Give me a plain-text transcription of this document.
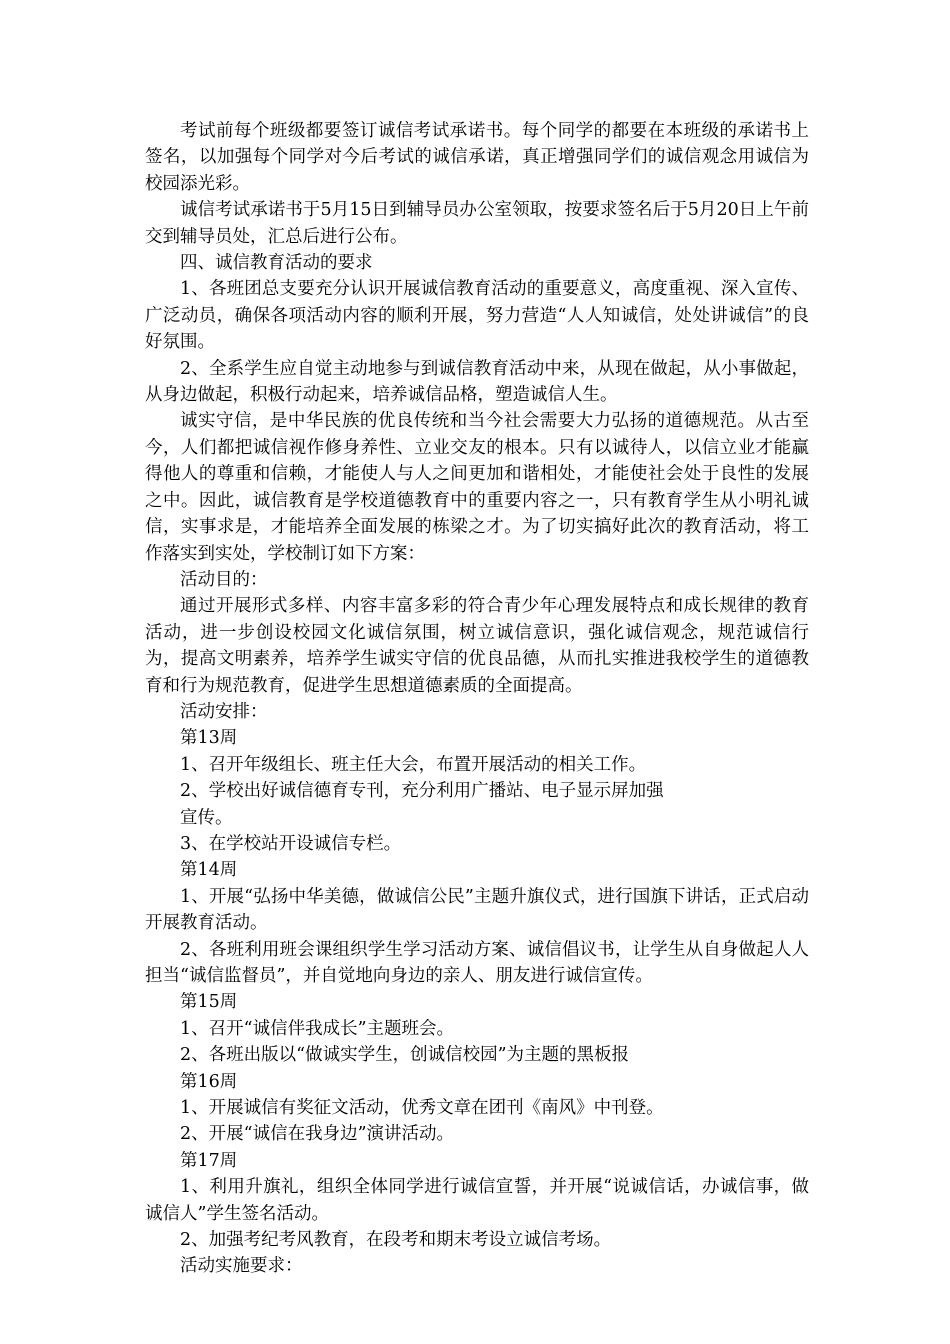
考试前每个班级都要签订诚信考试承诺书。每个同学的都要在本班级的承诺书上签名，以加强每个同学对今后考试的诚信承诺，真正增强同学们的诚信观念用诚信为校园添光彩。

诚信考试承诺书于5月15日到辅导员办公室领取，按要求签名后于5月20日上午前交到辅导员处，汇总后进行公布。

四、诚信教育活动的要求

1、各班团总支要充分认识开展诚信教育活动的重要意义，高度重视、深入宣传、广泛动员，确保各项活动内容的顺利开展，努力营造“人人知诚信，处处讲诚信”的良好氛围。

2、全系学生应自觉主动地参与到诚信教育活动中来，从现在做起，从小事做起，从身边做起，积极行动起来，培养诚信品格，塑造诚信人生。

诚实守信，是中华民族的优良传统和当今社会需要大力弘扬的道德规范。从古至今，人们都把诚信视作修身养性、立业交友的根本。只有以诚待人，以信立业才能赢得他人的尊重和信赖，才能使人与人之间更加和谐相处，才能使社会处于良性的发展之中。因此，诚信教育是学校道德教育中的重要内容之一，只有教育学生从小明礼诚信，实事求是，才能培养全面发展的栋梁之才。为了切实搞好此次的教育活动，将工作落实到实处，学校制订如下方案：

活动目的：

通过开展形式多样、内容丰富多彩的符合青少年心理发展特点和成长规律的教育活动，进一步创设校园文化诚信氛围，树立诚信意识，强化诚信观念，规范诚信行为，提高文明素养，培养学生诚实守信的优良品德，从而扎实推进我校学生的道德教育和行为规范教育，促进学生思想道德素质的全面提高。

活动安排：

第13周

1、召开年级组长、班主任大会，布置开展活动的相关工作。

2、学校出好诚信德育专刊，充分利用广播站、电子显示屏加强

宣传。

3、在学校站开设诚信专栏。

第14周

1、开展“弘扬中华美德，做诚信公民”主题升旗仪式，进行国旗下讲话，正式启动开展教育活动。

2、各班利用班会课组织学生学习活动方案、诚信倡议书，让学生从自身做起人人担当“诚信监督员”，并自觉地向身边的亲人、朋友进行诚信宣传。

第15周

1、召开“诚信伴我成长”主题班会。

2、各班出版以“做诚实学生，创诚信校园”为主题的黑板报

第16周

1、开展诚信有奖征文活动，优秀文章在团刊《南风》中刊登。

2、开展“诚信在我身边”演讲活动。

第17周

1、利用升旗礼，组织全体同学进行诚信宣誓，并开展“说诚信话，办诚信事，做诚信人”学生签名活动。

2、加强考纪考风教育，在段考和期末考设立诚信考场。

活动实施要求：
